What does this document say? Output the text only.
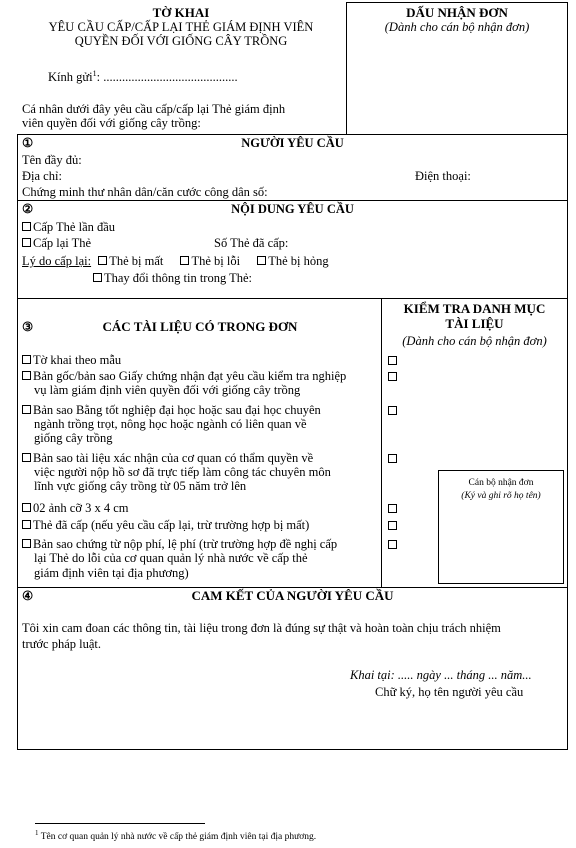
TỜ KHAI
YÊU CẦU CẤP/CẤP LẠI THẺ GIÁM ĐỊNH VIÊN
QUYỀN ĐỐI VỚI GIỐNG CÂY TRỒNG
Kính gửi$^1$: ...........................................
Cá nhân dưới đây yêu cầu cấp/cấp lại Thẻ giám định
viên quyền đối với giống cây trồng:
DẤU NHẬN ĐƠN
(Dành cho cán bộ nhận đơn)
①	NGƯỜI YÊU CẦU
Tên đầy đủ:
Địa chỉ:	Điện thoại:
Chứng minh thư nhân dân/căn cước công dân số:
②	NỘI DUNG YÊU CẦU
Cấp Thẻ lần đầu
Cấp lại Thẻ	Số Thẻ đã cấp:
Lý do cấp lại: Thẻ bị mất Thẻ bị lỗi Thẻ bị hỏng
Thay đổi thông tin trong Thẻ:
③	CÁC TÀI LIỆU CÓ TRONG ĐƠN
KIỂM TRA DANH MỤC
TÀI LIỆU
(Dành cho cán bộ nhận đơn)
Tờ khai theo mẫu
Bản gốc/bản sao Giấy chứng nhận đạt yêu cầu kiểm tra nghiệp
vụ làm giám định viên quyền đối với giống cây trồng
Bản sao Bằng tốt nghiệp đại học hoặc sau đại học chuyên
ngành trồng trọt, nông học hoặc ngành có liên quan về
giống cây trồng
Bản sao tài liệu xác nhận của cơ quan có thẩm quyền về
việc người nộp hồ sơ đã trực tiếp làm công tác chuyên môn
lĩnh vực giống cây trồng từ 05 năm trở lên
02 ảnh cỡ 3 x 4 cm
Thẻ đã cấp (nếu yêu cầu cấp lại, trừ trường hợp bị mất)
Bản sao chứng từ nộp phí, lệ phí (trừ trường hợp đề nghị cấp
lại Thẻ do lỗi của cơ quan quản lý nhà nước về cấp thẻ
giám định viên tại địa phương)
Cán bộ nhận đơn
(Ký và ghi rõ họ tên)
④	CAM KẾT CỦA NGƯỜI YÊU CẦU
Tôi xin cam đoan các thông tin, tài liệu trong đơn là đúng sự thật và hoàn toàn chịu trách nhiệm
trước pháp luật.
Khai tại: ..... ngày ... tháng ... năm...
Chữ ký, họ tên người yêu cầu
$^1$ Tên cơ quan quản lý nhà nước về cấp thẻ giám định viên tại địa phương.
